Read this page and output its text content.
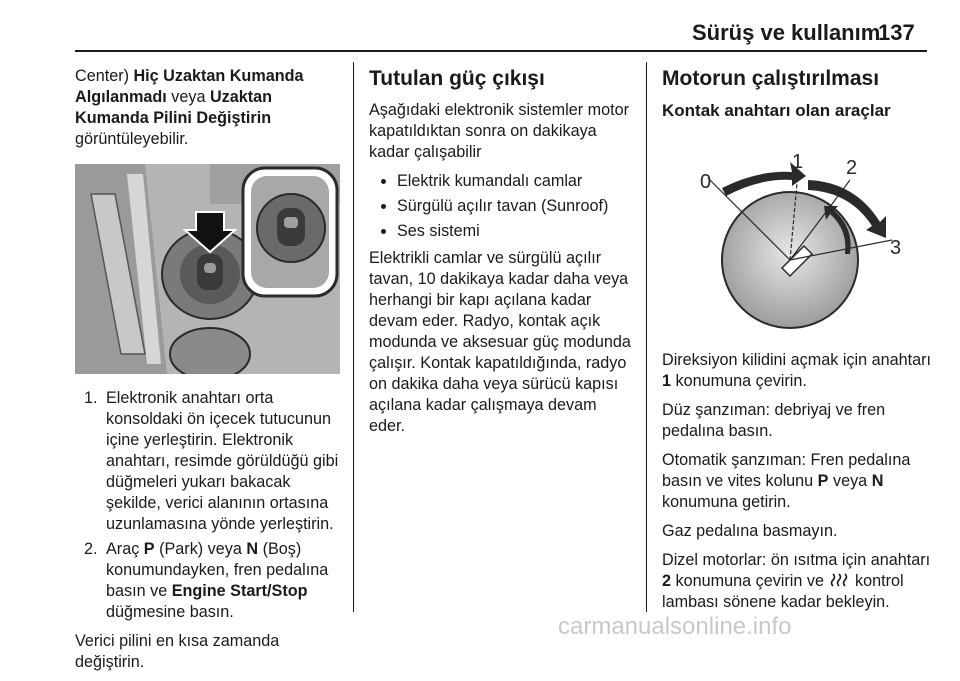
Sürüş ve kullanım
137

Center) Hiç Uzaktan Kumanda Algılanmadı veya Uzaktan Kumanda Pilini Değiştirin görüntüleyebilir.

1. Elektronik anahtarı orta konsoldaki ön içecek tutucunun içine yerleştirin. Elektronik anahtarı, resimde görüldüğü gibi düğmeleri yukarı bakacak şekilde, verici alanının ortasına uzunlamasına yönde yerleştirin.
2. Araç P (Park) veya N (Boş) konumundayken, fren pedalına basın ve Engine Start/Stop düğmesine basın.

Verici pilini en kısa zamanda değiştirin.

Tutulan güç çıkışı

Aşağıdaki elektronik sistemler motor kapatıldıktan sonra on dakikaya kadar çalışabilir

• Elektrik kumandalı camlar
• Sürgülü açılır tavan (Sunroof)
• Ses sistemi

Elektrikli camlar ve sürgülü açılır tavan, 10 dakikaya kadar daha veya herhangi bir kapı açılana kadar devam eder. Radyo, kontak açık modunda ve aksesuar güç modunda çalışır. Kontak kapatıldığında, radyo on dakika daha veya sürücü kapısı açılana kadar çalışmaya devam eder.

Motorun çalıştırılması
Kontak anahtarı olan araçlar
0
1 2
3

Direksiyon kilidini açmak için anahtarı 1 konumuna çevirin.

Düz şanzıman: debriyaj ve fren pedalına basın.

Otomatik şanzıman: Fren pedalına basın ve vites kolunu P veya N konumuna getirin.

Gaz pedalına basmayın.

Dizel motorlar: ön ısıtma için anahtarı 2 konumuna çevirin ve  kontrol lambası sönene kadar bekleyin.

carmanualsonline.info
